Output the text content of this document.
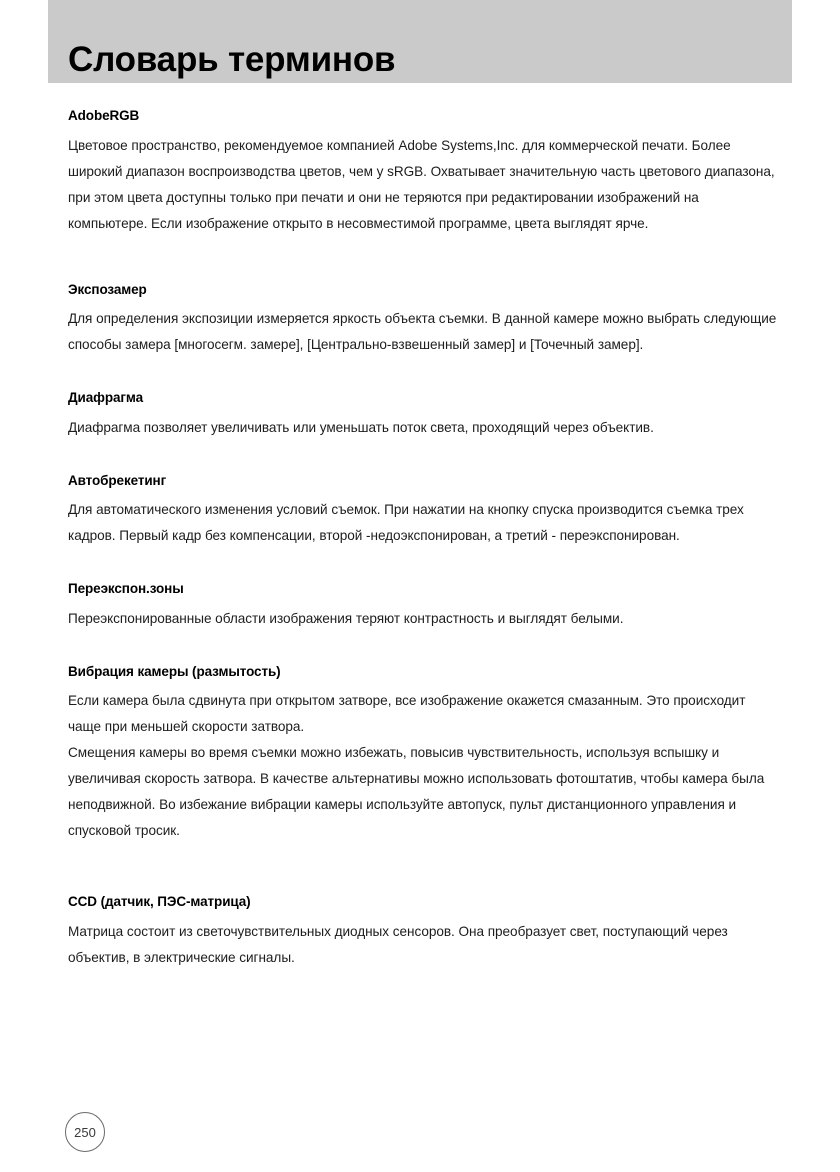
Словарь терминов
AdobeRGB

Цветовое пространство, рекомендуемое компанией Adobe Systems,Inc. для коммерческой печати. Более широкий диапазон воспроизводства цветов, чем у sRGB. Охватывает значительную часть цветового диапазона, при этом цвета доступны только при печати и они не теряются при редактировании изображений на компьютере. Если изображение открыто в несовместимой программе, цвета выглядят ярче.

Экспозамер

Для определения экспозиции измеряется яркость объекта съемки. В данной камере можно выбрать следующие способы замера [многосегм. замере], [Центрально-взвешенный замер] и [Точечный замер].

Диафрагма

Диафрагма позволяет увеличивать или уменьшать поток света, проходящий через объектив.

Автобрекетинг

Для автоматического изменения условий съемок. При нажатии на кнопку спуска производится съемка трех кадров. Первый кадр без компенсации, второй -недоэкспонирован, а третий - переэкспонирован.

Переэкспон.зоны

Переэкспонированные области изображения теряют контрастность и выглядят белыми.

Вибрация камеры (размытость)

Если камера была сдвинута при открытом затворе, все изображение окажется смазанным. Это происходит чаще при меньшей скорости затвора.

Смещения камеры во время съемки можно избежать, повысив чувствительность, используя вспышку и увеличивая скорость затвора. В качестве альтернативы можно использовать фотоштатив, чтобы камера была неподвижной. Во избежание вибрации камеры используйте автопуск, пульт дистанционного управления и спусковой тросик.

CCD (датчик, ПЭС-матрица)

Матрица состоит из светочувствительных диодных сенсоров. Она преобразует свет, поступающий через объектив, в электрические сигналы.

250
